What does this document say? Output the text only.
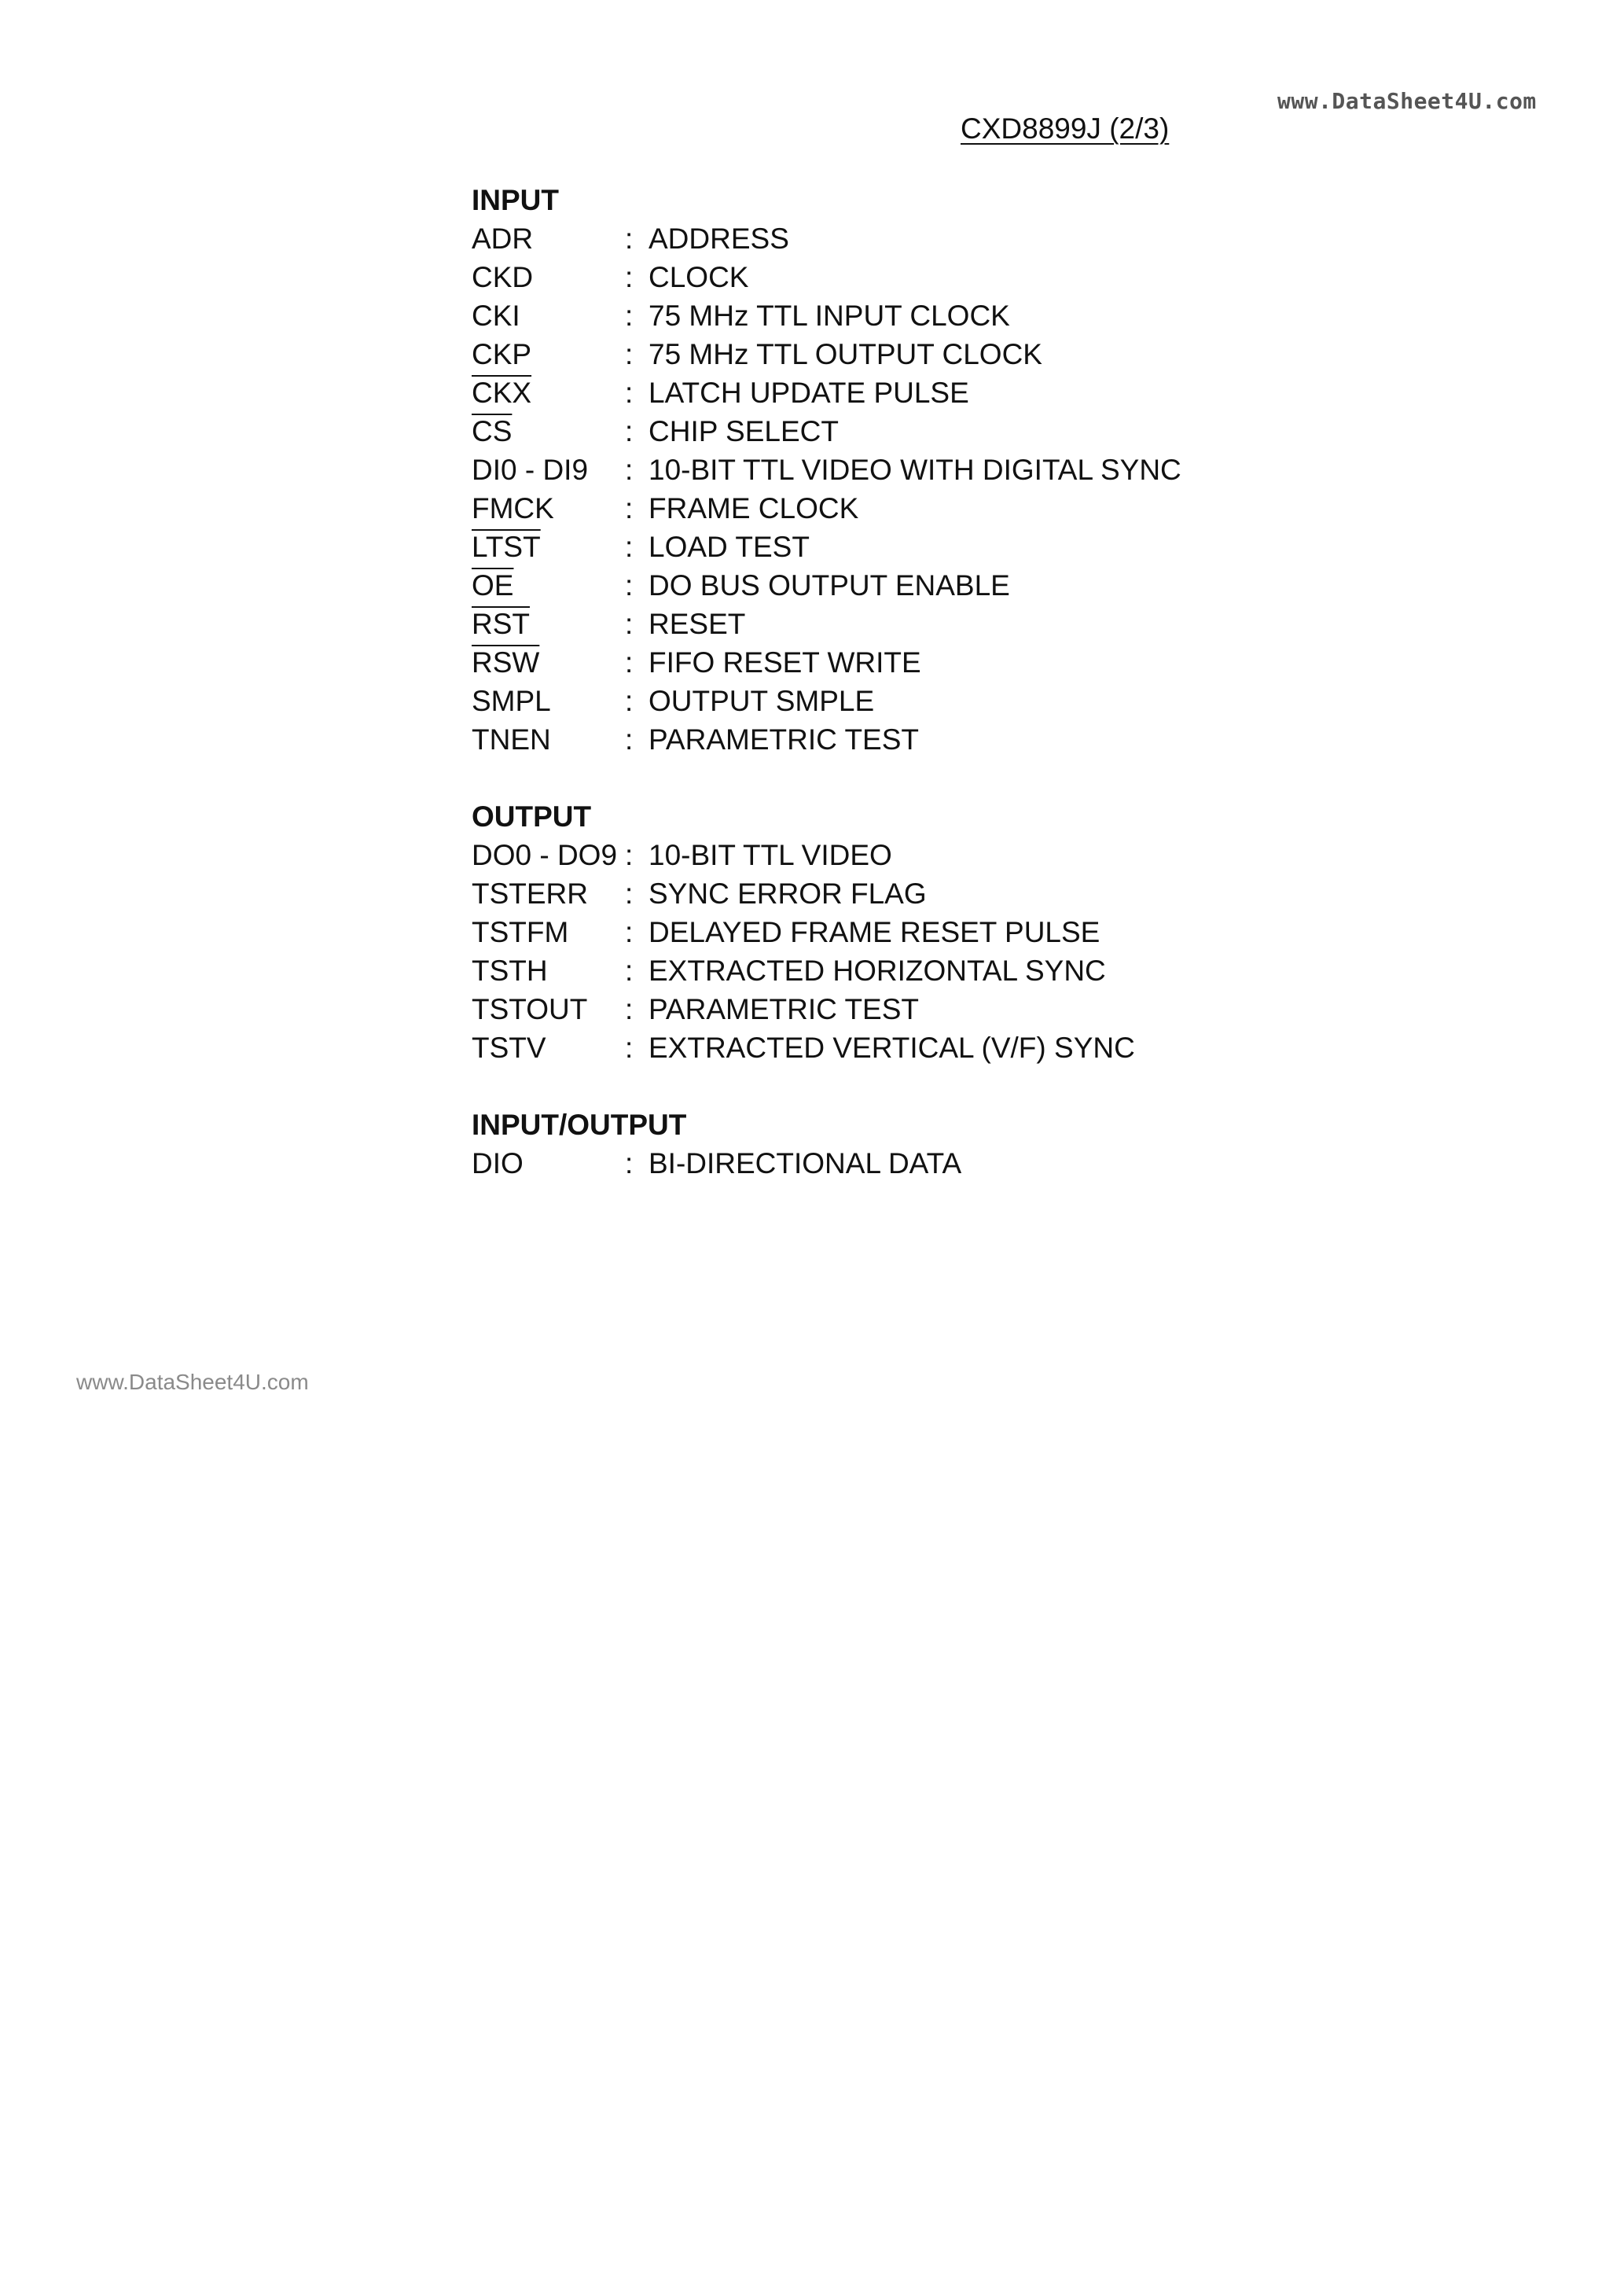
www.DataSheet4U.com
CXD8899J (2/3)
INPUT
ADR	: ADDRESS
CKD	: CLOCK
CKI	: 75 MHz TTL INPUT CLOCK
CKP	: 75 MHz TTL OUTPUT CLOCK
$\overline{CKX}$	: LATCH UPDATE PULSE
$\overline{CS}$	: CHIP SELECT
DI0 - DI9	: 10-BIT TTL VIDEO WITH DIGITAL SYNC
FMCK	: FRAME CLOCK
LTST	: LOAD TEST
$\overline{OE}$	: DO BUS OUTPUT ENABLE
$\overline{RST}$	: RESET
$\overline{RSW}$	: FIFO RESET WRITE
SMPL	: OUTPUT SMPLE
TNEN	: PARAMETRIC TEST
OUTPUT
DO0 - DO9 : 10-BIT TTL VIDEO
TSTERR	: SYNC ERROR FLAG
TSTFM	: DELAYED FRAME RESET PULSE
TSTH	: EXTRACTED HORIZONTAL SYNC
TSTOUT	: PARAMETRIC TEST
TSTV	: EXTRACTED VERTICAL (V/F) SYNC
INPUT/OUTPUT
DIO	: BI-DIRECTIONAL DATA
www.DataSheet4U.com
